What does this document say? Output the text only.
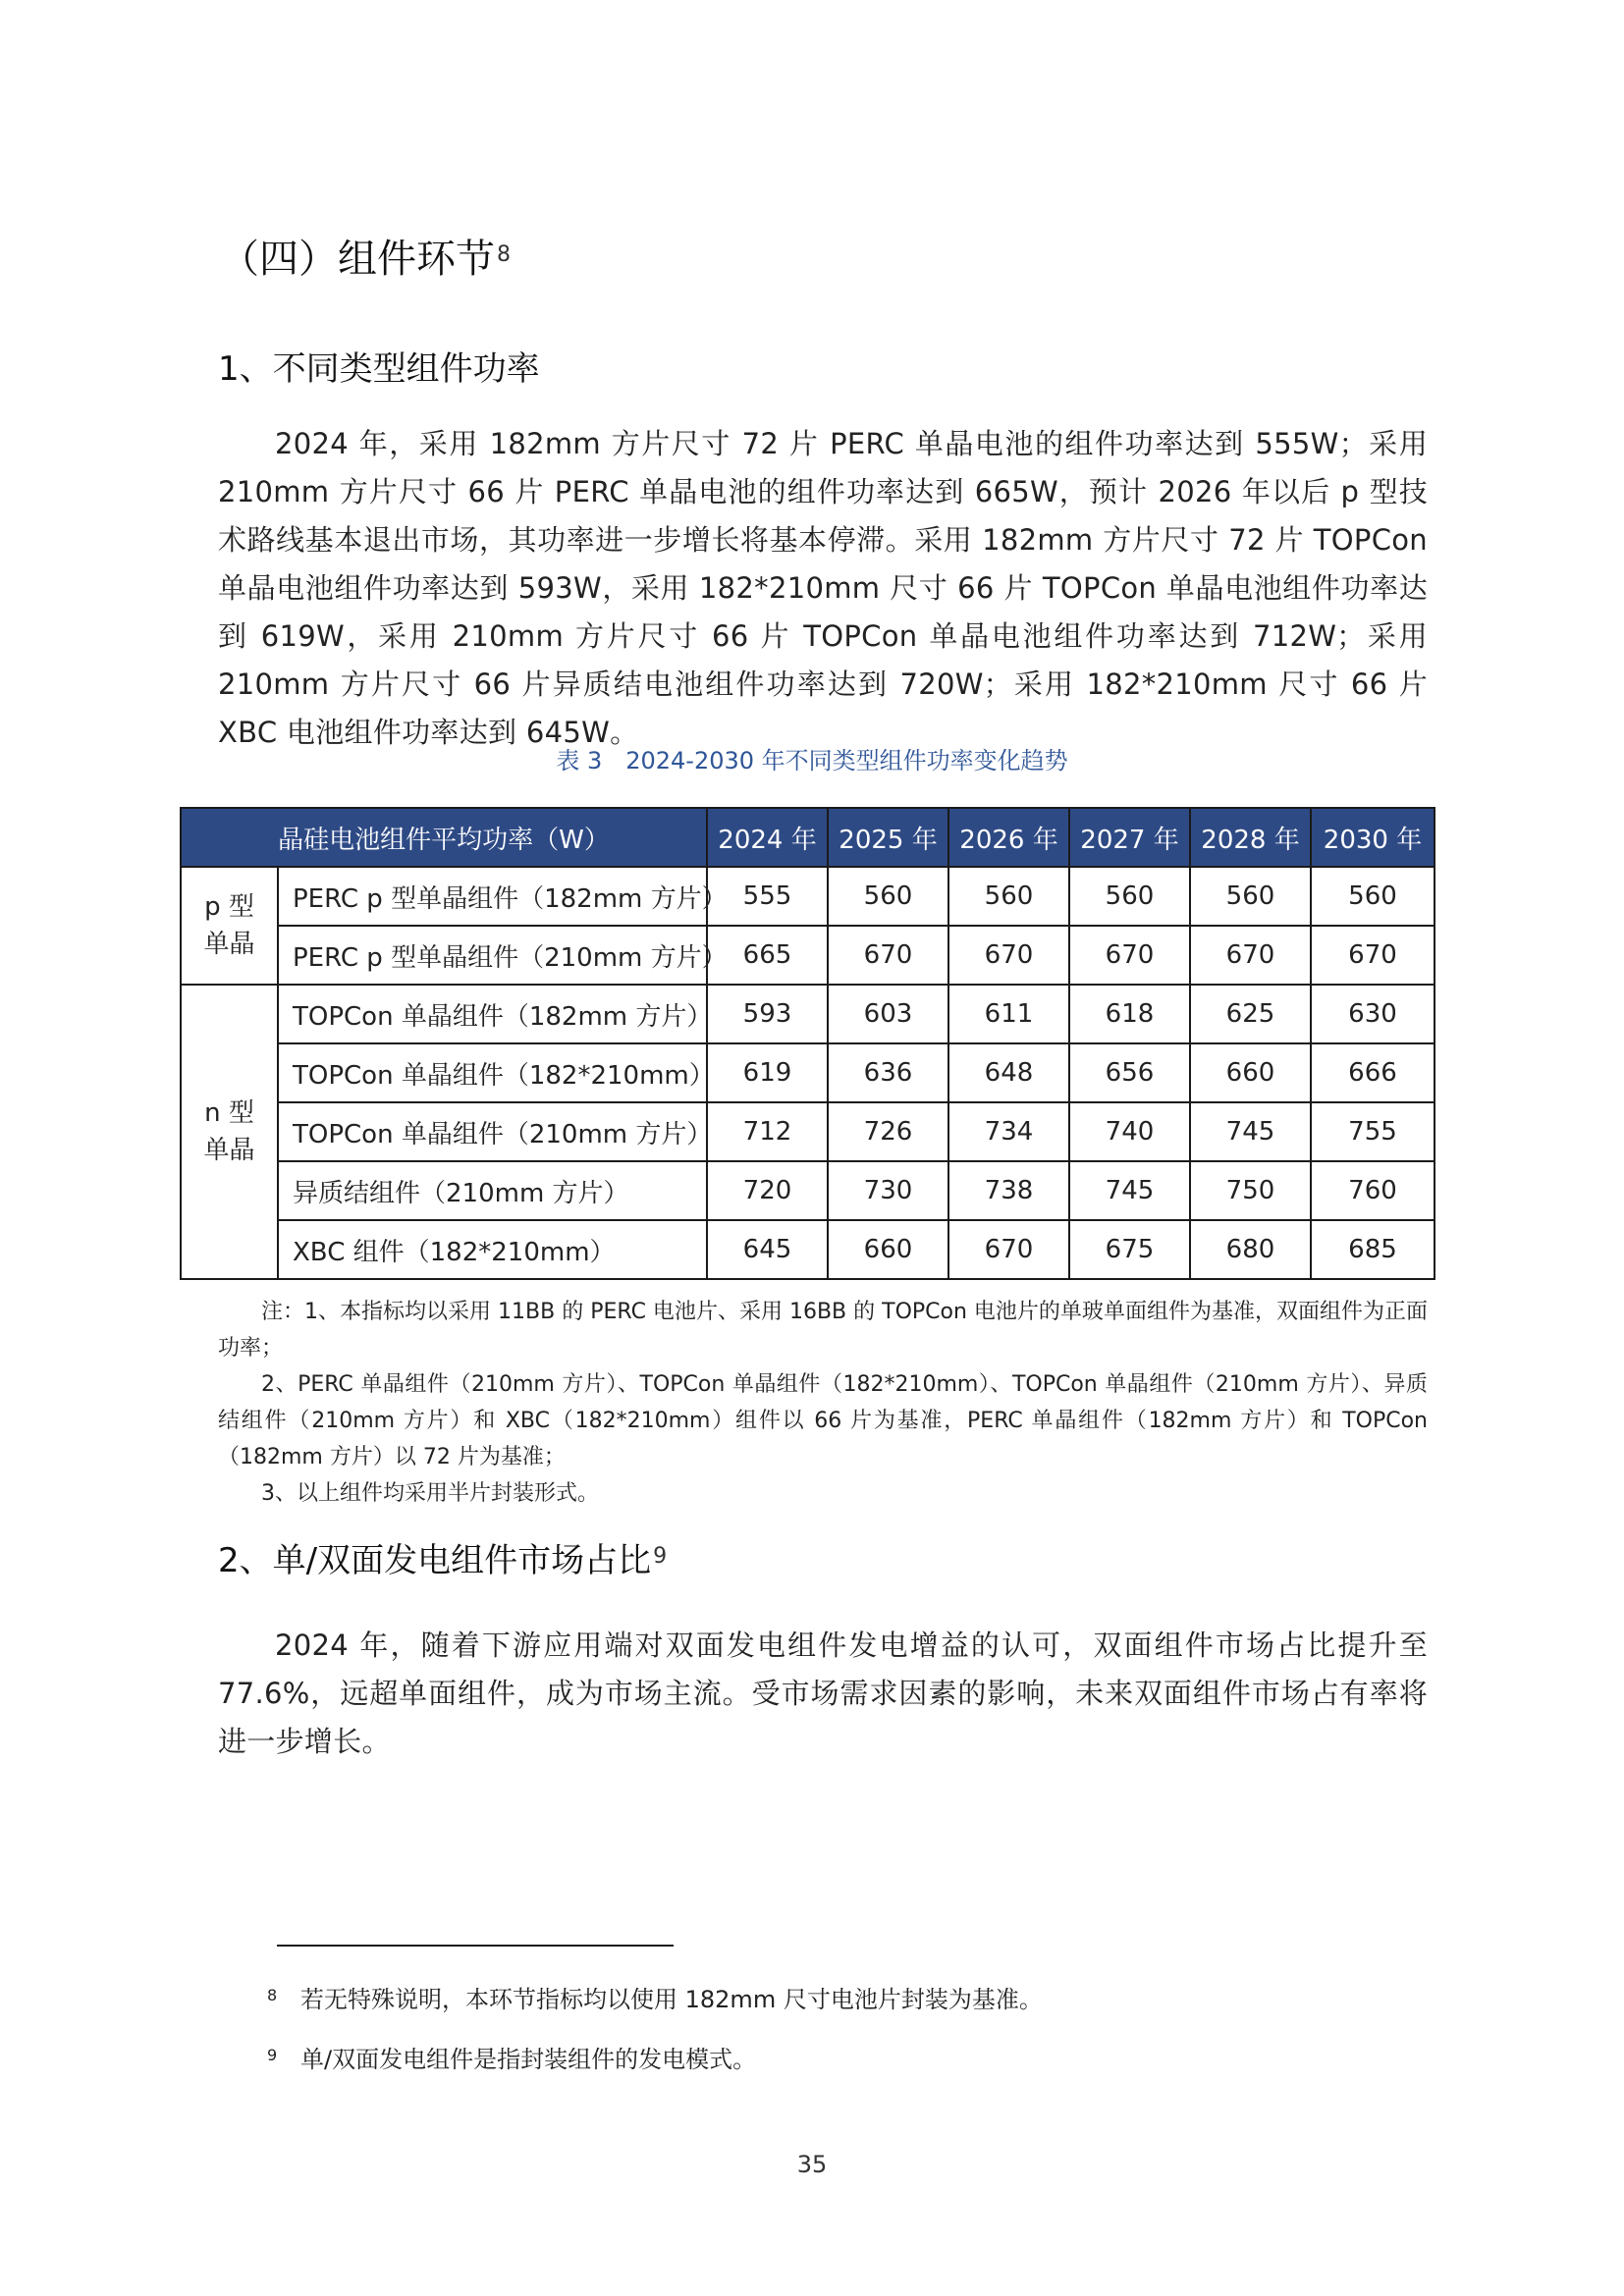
（四）组件环节$^8$
1、不同类型组件功率
2024 年，采用 182mm 方片尺寸 72 片 PERC 单晶电池的组件功率达到 555W；采用 210mm 方片尺寸 66 片 PERC 单晶电池的组件功率达到 665W，预计 2026 年以后 p 型技术路线基本退出市场，其功率进一步增长将基本停滞。采用 182mm 方片尺寸 72 片 TOPCon 单晶电池组件功率达到 593W，采用 182*210mm 尺寸 66 片 TOPCon 单晶电池组件功率达到 619W，采用 210mm 方片尺寸 66 片 TOPCon 单晶电池组件功率达到 712W；采用 210mm 方片尺寸 66 片异质结电池组件功率达到 720W；采用 182*210mm 尺寸 66 片 XBC 电池组件功率达到 645W。
表 3　2024-2030 年不同类型组件功率变化趋势
晶硅电池组件平均功率（W）		2024 年	2025 年	2026 年	2027 年	2028 年	2030 年
p 型
单晶	PERC p 型单晶组件（182mm 方片）	555	560	560	560	560	560
	PERC p 型单晶组件（210mm 方片）	665	670	670	670	670	670
n 型
单晶	TOPCon 单晶组件（182mm 方片）	593	603	611	618	625	630
	TOPCon 单晶组件（182*210mm）	619	636	648	656	660	666
	TOPCon 单晶组件（210mm 方片）	712	726	734	740	745	755
	异质结组件（210mm 方片）	720	730	738	745	750	760
	XBC 组件（182*210mm）	645	660	670	675	680	685

注：1、本指标均以采用 11BB 的 PERC 电池片、采用 16BB 的 TOPCon 电池片的单玻单面组件为基准，双面组件为正面功率；

2、PERC 单晶组件（210mm 方片）、TOPCon 单晶组件（182*210mm）、TOPCon 单晶组件（210mm 方片）、异质结组件（210mm 方片）和 XBC（182*210mm）组件以 66 片为基准，PERC 单晶组件（182mm 方片）和 TOPCon（182mm 方片）以 72 片为基准；

3、以上组件均采用半片封装形式。

2、单/双面发电组件市场占比$^9$
2024 年，随着下游应用端对双面发电组件发电增益的认可，双面组件市场占比提升至 77.6%，远超单面组件，成为市场主流。受市场需求因素的影响，未来双面组件市场占有率将进一步增长。
8 若无特殊说明，本环节指标均以使用 182mm 尺寸电池片封装为基准。
9 单/双面发电组件是指封装组件的发电模式。
35
